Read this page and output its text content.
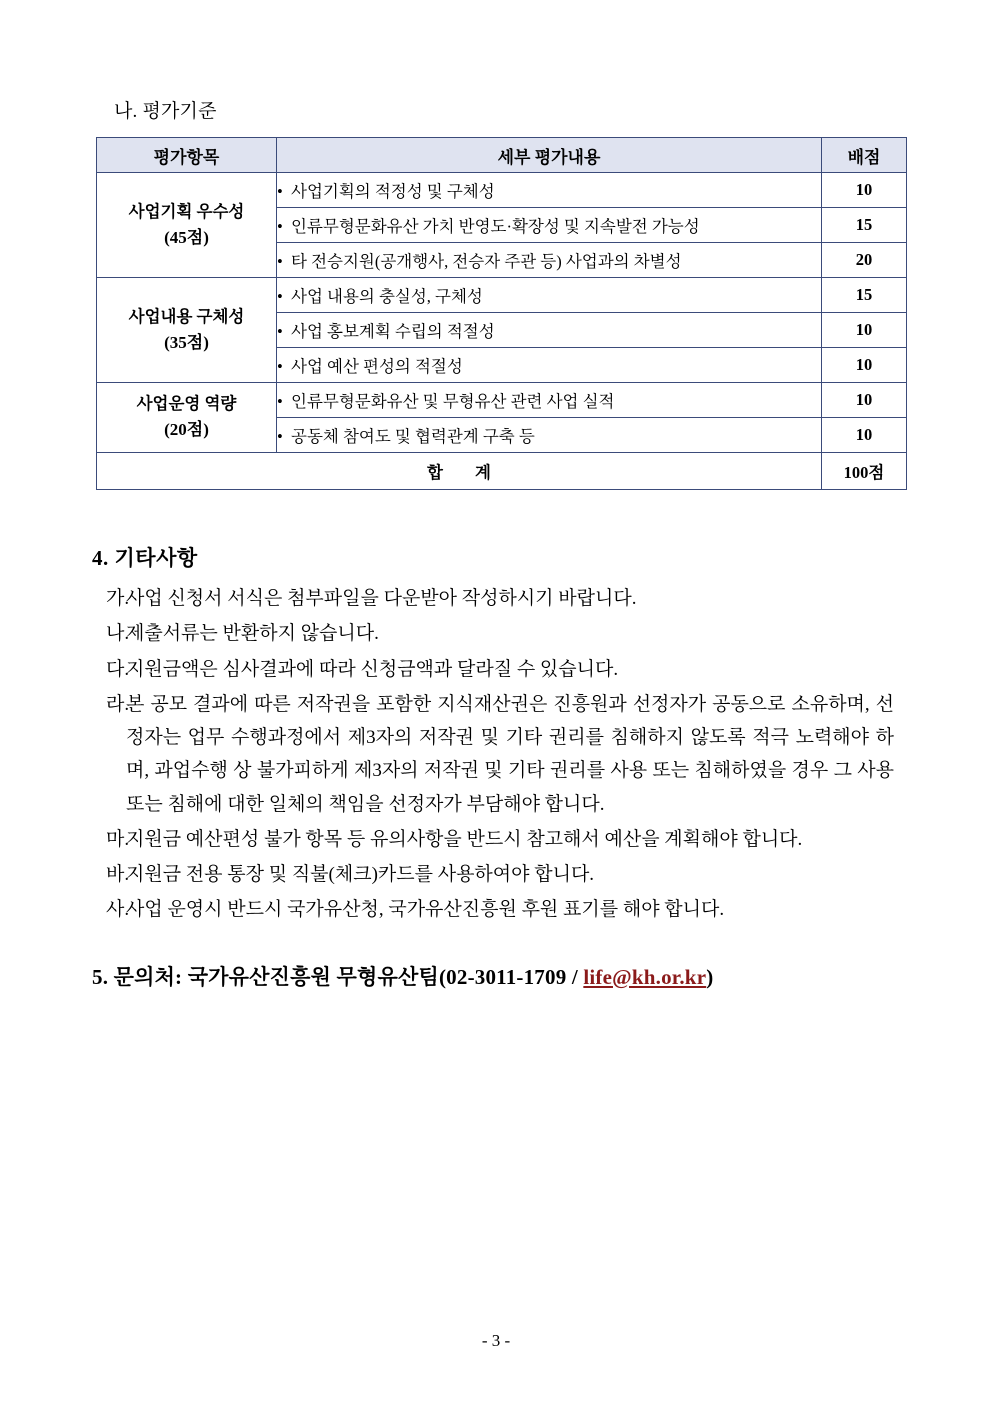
나. 평가기준
평가항목	세부 평가내용	배점
사업기획 우수성
(45점)	• 사업기획의 적정성 및 구체성	10
	• 인류무형문화유산 가치 반영도·확장성 및 지속발전 가능성	15
	• 타 전승지원(공개행사, 전승자 주관 등) 사업과의 차별성	20
사업내용 구체성
(35점)	• 사업 내용의 충실성, 구체성	15
	• 사업 홍보계획 수립의 적절성	10
	• 사업 예산 편성의 적절성	10
사업운영 역량
(20점)	• 인류무형문화유산 및 무형유산 관련 사업 실적	10
	• 공동체 참여도 및 협력관계 구축 등	10
합 계		100점
4. 기타사항
가.
사업 신청서 서식은 첨부파일을 다운받아 작성하시기 바랍니다.
나.
제출서류는 반환하지 않습니다.
다.
지원금액은 심사결과에 따라 신청금액과 달라질 수 있습니다.
라.
본 공모 결과에 따른 저작권을 포함한 지식재산권은 진흥원과 선정자가 공동으로 소유하며, 선정자는 업무 수행과정에서 제3자의 저작권 및 기타 권리를 침해하지 않도록 적극 노력해야 하며, 과업수행 상 불가피하게 제3자의 저작권 및 기타 권리를 사용 또는 침해하였을 경우 그 사용 또는 침해에 대한 일체의 책임을 선정자가 부담해야 합니다.
마.
지원금 예산편성 불가 항목 등 유의사항을 반드시 참고해서 예산을 계획해야 합니다.
바.
지원금 전용 통장 및 직불(체크)카드를 사용하여야 합니다.
사.
사업 운영시 반드시 국가유산청, 국가유산진흥원 후원 표기를 해야 합니다.
5. 문의처: 국가유산진흥원 무형유산팀(02-3011-1709 / life@kh.or.kr)
- 3 -
